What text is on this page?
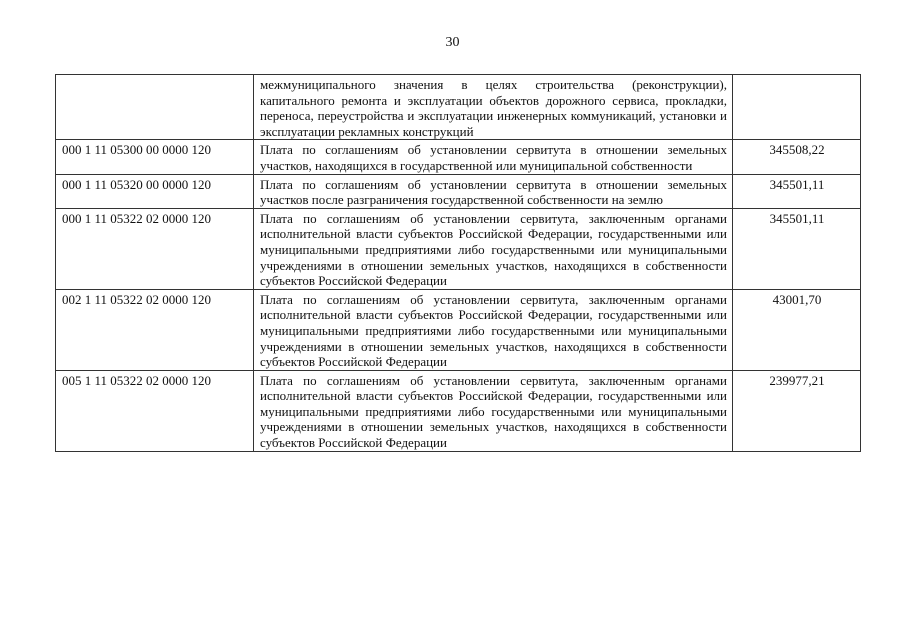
30
	межмуниципального значения в целях строительства (реконструкции), капитального ремонта и эксплуатации объектов дорожного сервиса, прокладки, переноса, переустройства и эксплуатации инженерных коммуникаций, установки и эксплуатации рекламных конструкций	
000 1 11 05300 00 0000 120	Плата по соглашениям об установлении сервитута в отношении земельных участков, находящихся в государственной или муниципальной собственности	345508,22
000 1 11 05320 00 0000 120	Плата по соглашениям об установлении сервитута в отношении земельных участков после разграничения государственной собственности на землю	345501,11
000 1 11 05322 02 0000 120	Плата по соглашениям об установлении сервитута, заключенным органами исполнительной власти субъектов Российской Федерации, государственными или муниципальными предприятиями либо государственными или муниципальными учреждениями в отношении земельных участков, находящихся в собственности субъектов Российской Федерации	345501,11
002 1 11 05322 02 0000 120	Плата по соглашениям об установлении сервитута, заключенным органами исполнительной власти субъектов Российской Федерации, государственными или муниципальными предприятиями либо государственными или муниципальными учреждениями в отношении земельных участков, находящихся в собственности субъектов Российской Федерации	43001,70
005 1 11 05322 02 0000 120	Плата по соглашениям об установлении сервитута, заключенным органами исполнительной власти субъектов Российской Федерации, государственными или муниципальными предприятиями либо государственными или муниципальными учреждениями в отношении земельных участков, находящихся в собственности субъектов Российской Федерации	239977,21
